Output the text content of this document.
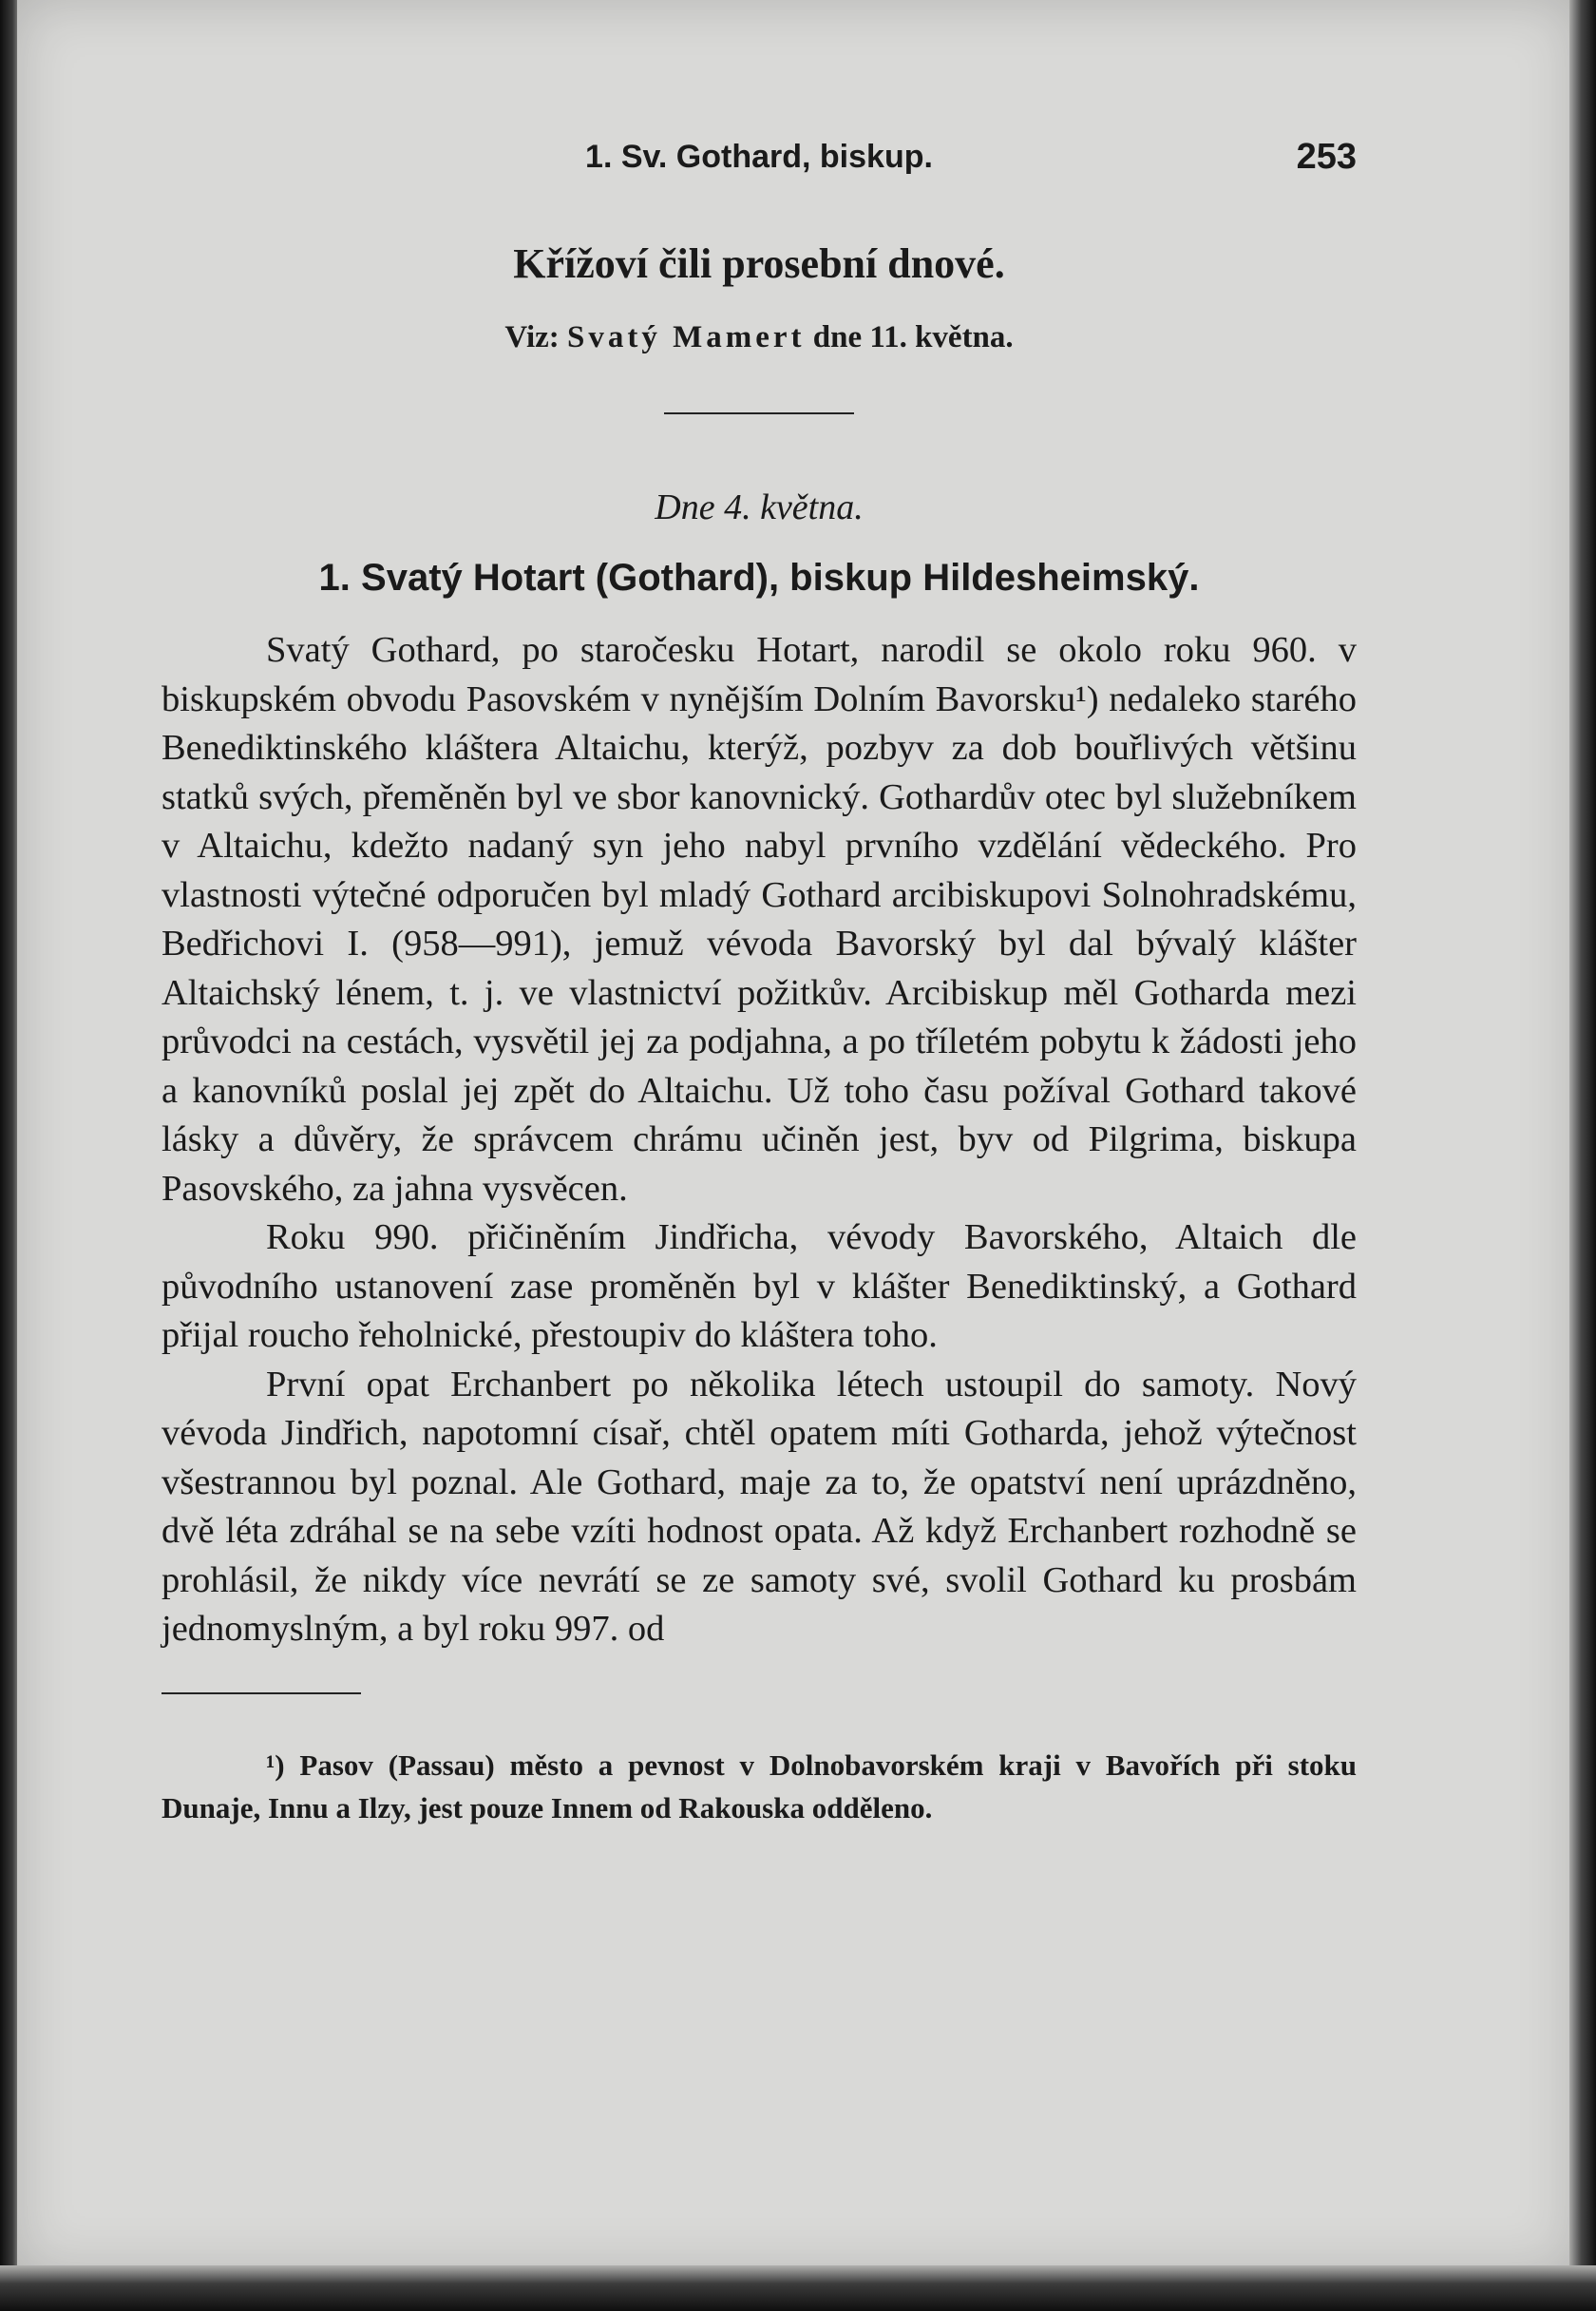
1. Sv. Gothard, biskup.	253
Křížoví čili prosební dnové.
Viz: Svatý Mamert dne 11. května.
Dne 4. května.
1. Svatý Hotart (Gothard), biskup Hildesheimský.

Svatý Gothard, po staročesku Hotart, narodil se okolo roku 960. v biskupském obvodu Pasovském v nynějším Dolním Bavorsku¹) nedaleko starého Benediktinského kláštera Altaichu, kterýž, pozbyv za dob bouřlivých většinu statků svých, přeměněn byl ve sbor kanovnický. Gothardův otec byl služebníkem v Altaichu, kdežto nadaný syn jeho nabyl prvního vzdělání vědeckého. Pro vlastnosti výtečné odporučen byl mladý Gothard arcibiskupovi Solnohradskému, Bedřichovi I. (958—991), jemuž vévoda Bavorský byl dal bývalý klášter Altaichský lénem, t. j. ve vlastnictví požitkův. Arcibiskup měl Gotharda mezi průvodci na cestách, vysvětil jej za podjahna, a po tříletém pobytu k žádosti jeho a kanovníků poslal jej zpět do Altaichu. Už toho času požíval Gothard takové lásky a důvěry, že správcem chrámu učiněn jest, byv od Pilgrima, biskupa Pasovského, za jahna vysvěcen.

Roku 990. přičiněním Jindřicha, vévody Bavorského, Altaich dle původního ustanovení zase proměněn byl v klášter Benediktinský, a Gothard přijal roucho řeholnické, přestoupiv do kláštera toho.

První opat Erchanbert po několika létech ustoupil do samoty. Nový vévoda Jindřich, napotomní císař, chtěl opatem míti Gotharda, jehož výtečnost všestrannou byl poznal. Ale Gothard, maje za to, že opatství není uprázdněno, dvě léta zdráhal se na sebe vzíti hodnost opata. Až když Erchanbert rozhodně se prohlásil, že nikdy více nevrátí se ze samoty své, svolil Gothard ku prosbám jednomyslným, a byl roku 997. od

¹) Pasov (Passau) město a pevnost v Dolnobavorském kraji v Bavořích při stoku Dunaje, Innu a Ilzy, jest pouze Innem od Rakouska odděleno.
